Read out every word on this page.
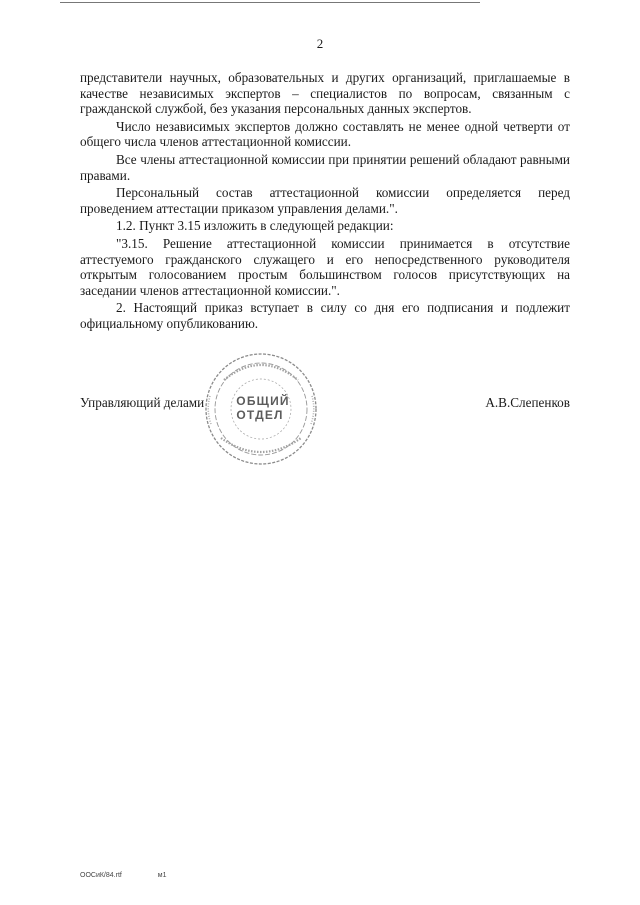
2

представители научных, образовательных и других организаций, приглашаемые в качестве независимых экспертов – специалистов по вопросам, связанным с гражданской службой, без указания персональных данных экспертов.

Число независимых экспертов должно составлять не менее одной четверти от общего числа членов аттестационной комиссии.

Все члены аттестационной комиссии при принятии решений обладают равными правами.

Персональный состав аттестационной комиссии определяется перед проведением аттестации приказом управления делами.".

1.2. Пункт 3.15 изложить в следующей редакции:

"3.15. Решение аттестационной комиссии принимается в отсутствие аттестуемого гражданского служащего и его непосредственного руководителя открытым голосованием простым большинством голосов присутствующих на заседании членов аттестационной комиссии.".

2. Настоящий приказ вступает в силу со дня его подписания и подлежит официальному опубликованию.

Управляющий делами	А.В.Слепенков
ОБЩИЙ
ОТДЕЛ
ООСиК/84.rtf	м1
